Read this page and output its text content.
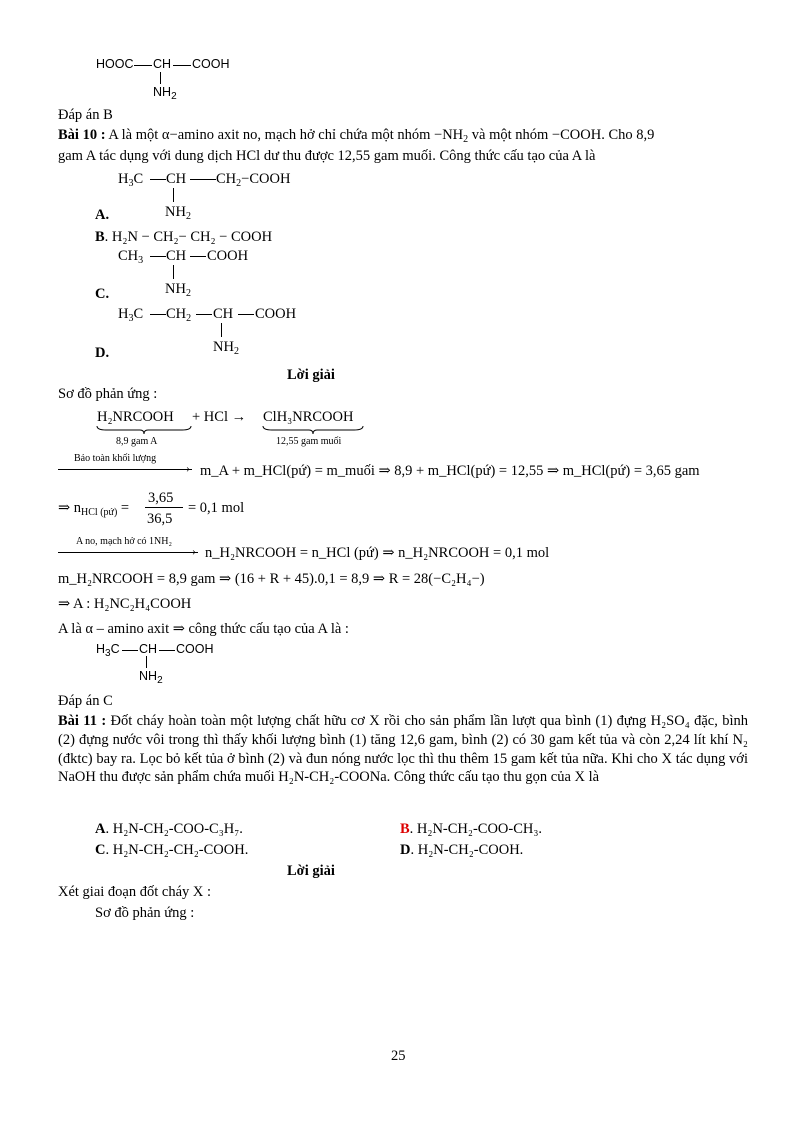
HOOC CH COOH
$NH_2$
Đáp án B
Bài 10 : A là một α−amino axit no, mạch hở chỉ chứa một nhóm $-NH_2$ và một nhóm −COOH. Cho 8,9
gam A tác dụng với dung dịch HCl dư thu được 12,55 gam muối. Công thức cấu tạo của A là
$H_3C$ CH $CH_2-COOH$
$NH_2$
A.
B. H₂N − CH₂− CH₂ − COOH
$CH_3$ CH COOH
$NH_2$
C.
$H_3C$ $CH_2$ CH COOH
$NH_2$
D.
Lời giải
Sơ đồ phản ứng :
H₂NRCOOH + HCl → ClH₃NRCOOH
8,9 gam A	12,55 gam muối
Bảo toàn khối lượng
› m_A + m_HCl(pứ) = m_muối ⇒ 8,9 + m_HCl(pứ) = 12,55 ⇒ m_HCl(pứ) = 3,65 gam
⇒ $n_{HCl (pứ)}$ =
3,65
36,5
= 0,1 mol
A no, mạch hở có 1NH₂
› n_H₂NRCOOH = n_HCl (pứ) ⇒ n_H₂NRCOOH = 0,1 mol
m_H₂NRCOOH = 8,9 gam ⇒ (16 + R + 45).0,1 = 8,9 ⇒ R = 28(−C₂H₄−)
⇒ A : H₂NC₂H₄COOH
A là α – amino axit ⇒ công thức cấu tạo của A là :
$H_3C$ CH COOH
$NH_2$
Đáp án C
Bài 11 : Đốt cháy hoàn toàn một lượng chất hữu cơ X rồi cho sản phẩm lần lượt qua bình (1) đựng H₂SO₄ đặc, bình (2) đựng nước vôi trong thì thấy khối lượng bình (1) tăng 12,6 gam, bình (2) có 30 gam kết tủa và còn 2,24 lít khí N₂ (đktc) bay ra. Lọc bỏ kết tủa ở bình (2) và đun nóng nước lọc thì thu thêm 15 gam kết tủa nữa. Khi cho X tác dụng với NaOH thu được sản phẩm chứa muối H₂N-CH₂-COONa. Công thức cấu tạo thu gọn của X là
A. H₂N-CH₂-COO-C₃H₇.	B. H₂N-CH₂-COO-CH₃.
C. H₂N-CH₂-CH₂-COOH.	D. H₂N-CH₂-COOH.
Lời giải
Xét giai đoạn đốt cháy X :
Sơ đồ phản ứng :
25
